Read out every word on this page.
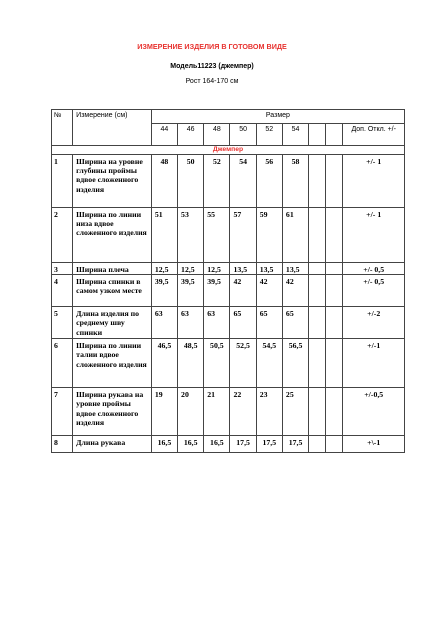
ИЗМЕРЕНИЕ ИЗДЕЛИЯ В ГОТОВОМ ВИДЕ
Модель11223 (джемпер)
Рост 164-170 см
№	Измерение (см)	Размер								
		44	46	48	50	52	54			Доп. Откл. +/-
Джемпер										
1	Ширина на уровне глубины проймы вдвое сложенного изделия	48	50	52	54	56	58			+/- 1
2	Ширина по линии низа вдвое сложенного изделия	51	53	55	57	59	61			+/- 1
3	Ширина плеча	12,5	12,5	12,5	13,5	13,5	13,5			+/- 0,5
4	Ширина спинки в самом узком месте	39,5	39,5	39,5	42	42	42			+/- 0,5
5	Длина изделия по среднему шву спинки	63	63	63	65	65	65			+/-2
6	Ширина по линии талии вдвое сложенного изделия	46,5	48,5	50,5	52,5	54,5	56,5			+/-1
7	Ширина рукава на уровне проймы вдвое сложенного изделия	19	20	21	22	23	25			+/-0,5
8	Длина рукава	16,5	16,5	16,5	17,5	17,5	17,5			+\-1
